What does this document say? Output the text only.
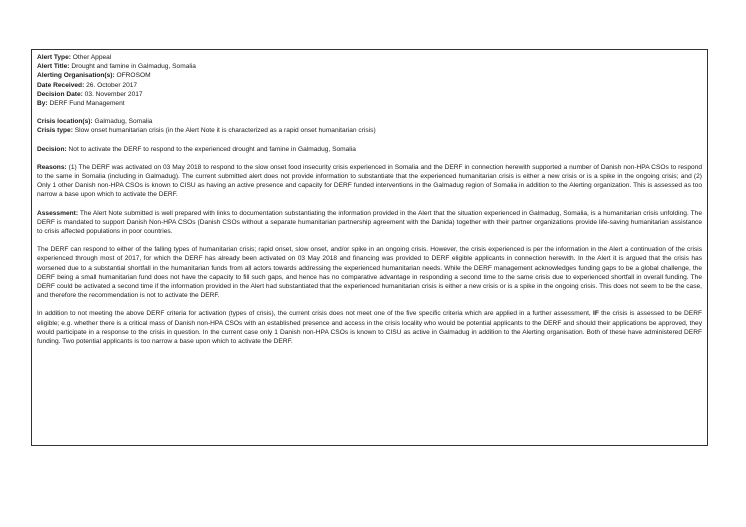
Alert Type: Other Appeal
Alert Title: Drought and famine in Galmadug, Somalia
Alerting Organisation(s): OFROSOM
Date Received: 26. October 2017
Decision Date: 03. November 2017
By: DERF Fund Management
Crisis location(s): Galmadug, Somalia
Crisis type: Slow onset humanitarian crisis (in the Alert Note it is characterized as a rapid onset humanitarian crisis)
Decision: Not to activate the DERF to respond to the experienced drought and famine in Galmadug, Somalia

Reasons: (1) The DERF was activated on 03 May 2018 to respond to the slow onset food insecurity crisis experienced in Somalia and the DERF in connection herewith supported a number of Danish non-HPA CSOs to respond to the same in Somalia (including in Galmadug). The current submitted alert does not provide information to substantiate that the experienced humanitarian crisis is either a new crisis or is a spike in the ongoing crisis; and (2) Only 1 other Danish non-HPA CSOs is known to CISU as having an active presence and capacity for DERF funded interventions in the Galmadug region of Somalia in addition to the Alerting organization. This is assessed as too narrow a base upon which to activate the DERF.

Assessment: The Alert Note submitted is well prepared with links to documentation substantiating the information provided in the Alert that the situation experienced in Galmadug, Somalia, is a humanitarian crisis unfolding. The DERF is mandated to support Danish Non-HPA CSOs (Danish CSOs without a separate humanitarian partnership agreement with the Danida) together with their partner organizations provide life-saving humanitarian assistance to crisis affected populations in poor countries.

The DERF can respond to either of the falling types of humanitarian crisis; rapid onset, slow onset, and/or spike in an ongoing crisis. However, the crisis experienced is per the information in the Alert a continuation of the crisis experienced through most of 2017, for which the DERF has already been activated on 03 May 2018 and financing was provided to DERF eligible applicants in connection herewith. In the Alert it is argued that the crisis has worsened due to a substantial shortfall in the humanitarian funds from all actors towards addressing the experienced humanitarian needs. While the DERF management acknowledges funding gaps to be a global challenge, the DERF being a small humanitarian fund does not have the capacity to fill such gaps, and hence has no comparative advantage in responding a second time to the same crisis due to experienced shortfall in overall funding. The DERF could be activated a second time if the information provided in the Alert had substantiated that the experienced humanitarian crisis is either a new crisis or is a spike in the ongoing crisis. This does not seem to be the case, and therefore the recommendation is not to activate the DERF.

In addition to not meeting the above DERF criteria for activation (types of crisis), the current crisis does not meet one of the five specific criteria which are applied in a further assessment, IF the crisis is assessed to be DERF eligible; e.g. whether there is a critical mass of Danish non-HPA CSOs with an established presence and access in the crisis locality who would be potential applicants to the DERF and should their applications be approved, they would participate in a response to the crisis in question. In the current case only 1 Danish non-HPA CSOs is known to CISU as active in Galmadug in addition to the Alerting organisation. Both of these have administered DERF funding. Two potential applicants is too narrow a base upon which to activate the DERF.
